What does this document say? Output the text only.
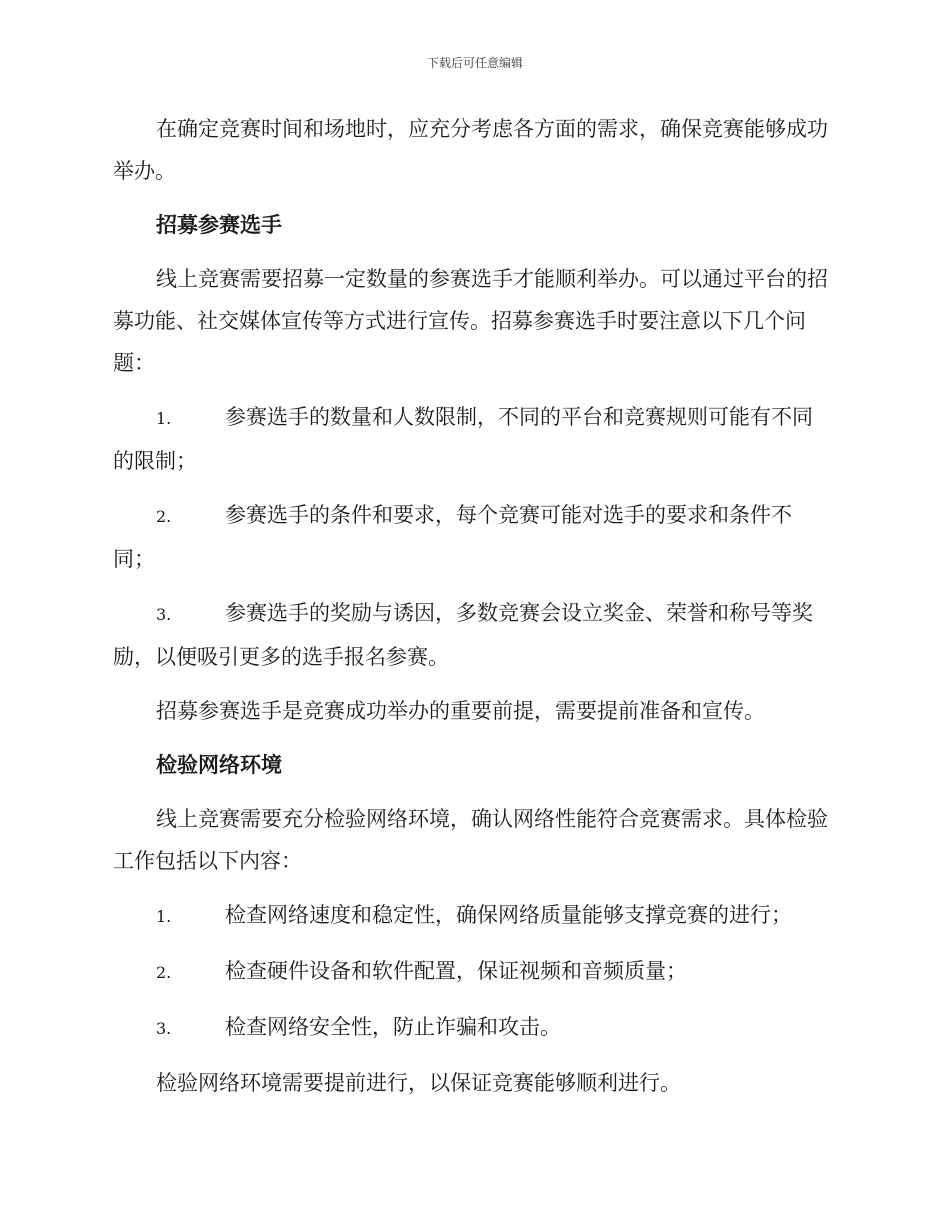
下载后可任意编辑

在确定竞赛时间和场地时，应充分考虑各方面的需求，确保竞赛能够成功举办。

招募参赛选手

线上竞赛需要招募一定数量的参赛选手才能顺利举办。可以通过平台的招募功能、社交媒体宣传等方式进行宣传。招募参赛选手时要注意以下几个问题：

1.	参赛选手的数量和人数限制，不同的平台和竞赛规则可能有不同的限制；

2.	参赛选手的条件和要求，每个竞赛可能对选手的要求和条件不同；

3.	参赛选手的奖励与诱因，多数竞赛会设立奖金、荣誉和称号等奖励，以便吸引更多的选手报名参赛。

招募参赛选手是竞赛成功举办的重要前提，需要提前准备和宣传。

检验网络环境

线上竞赛需要充分检验网络环境，确认网络性能符合竞赛需求。具体检验工作包括以下内容：

1.	检查网络速度和稳定性，确保网络质量能够支撑竞赛的进行；

2.	检查硬件设备和软件配置，保证视频和音频质量；

3.	检查网络安全性，防止诈骗和攻击。

检验网络环境需要提前进行，以保证竞赛能够顺利进行。
